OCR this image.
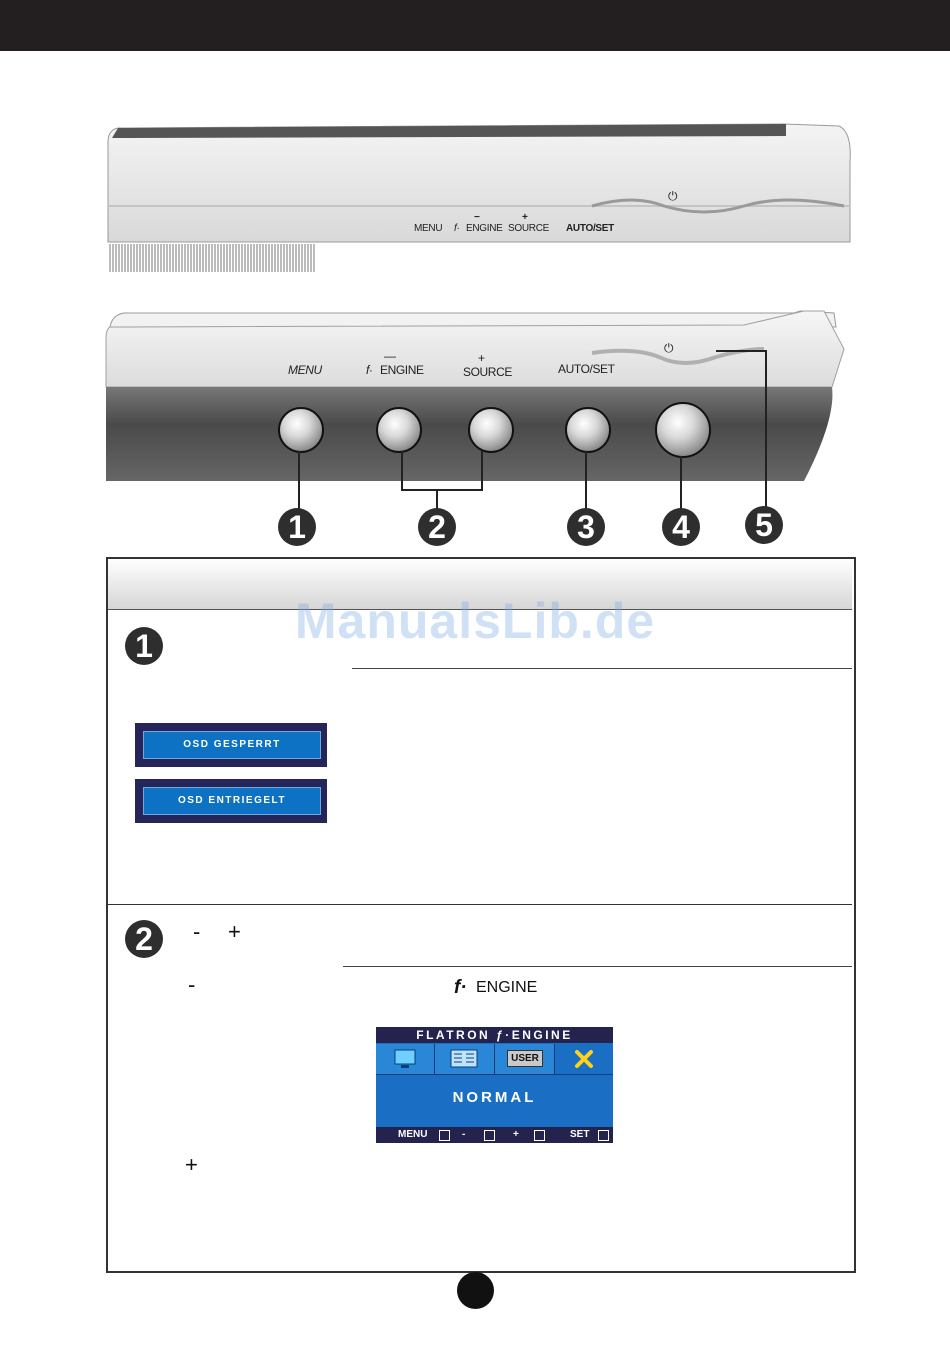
MENU f· ENGINE
−
SOURCE
+
AUTO/SET
⏻
MENU	f· ENGINE
—
SOURCE
+
AUTO/SET
⏻
1	2	3	4	5
ManualsLib.de
1
OSD GESPERRT
OSD ENTRIEGELT
2	- +
-	f· ENGINE
FLATRON ƒ·ENGINE
USER
NORMAL
MENU	-	+	SET
+
